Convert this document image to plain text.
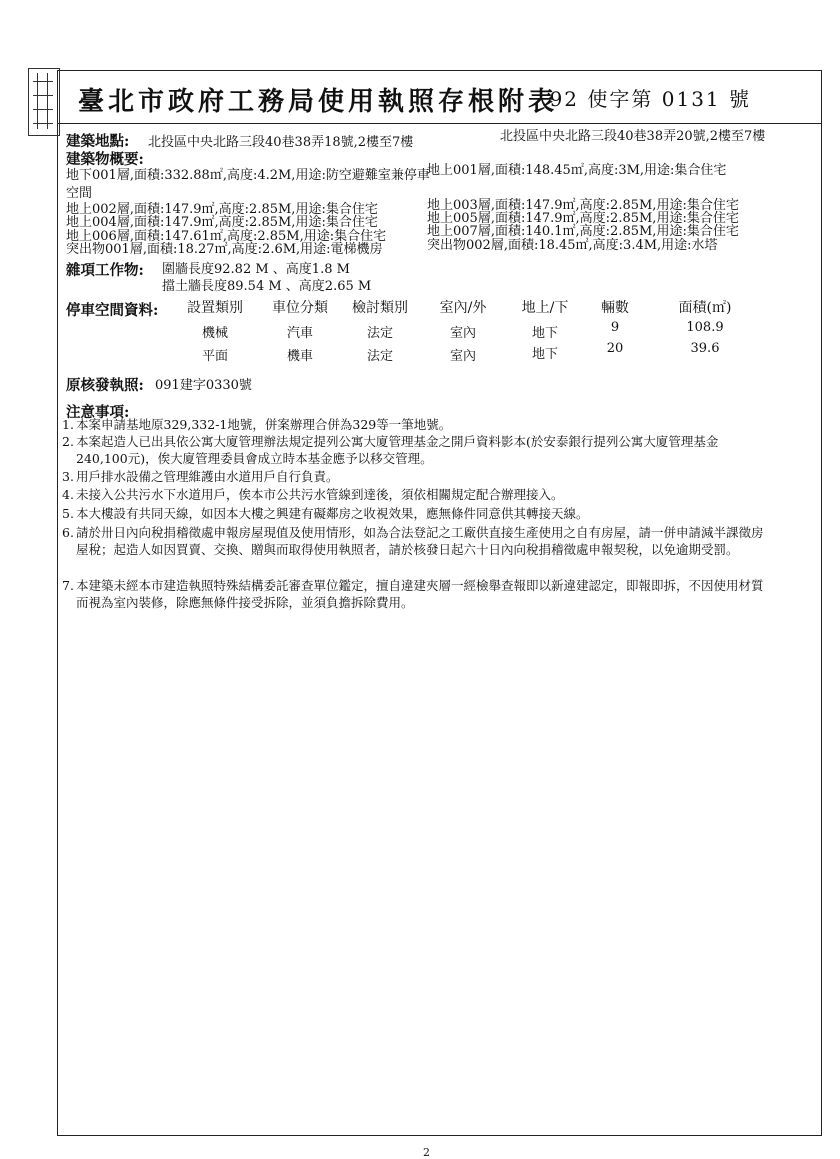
臺北市政府工務局使用執照存根附表
92 使字第 0131 號
建築地點: 北投區中央北路三段40巷38弄18號,2樓至7樓	北投區中央北路三段40巷38弄20號,2樓至7樓
建築物概要:
地下001層,面積:332.88㎡,高度:4.2M,用途:防空避難室兼停車
地上001層,面積:148.45㎡,高度:3M,用途:集合住宅
空間
地上002層,面積:147.9㎡,高度:2.85M,用途:集合住宅	地上003層,面積:147.9㎡,高度:2.85M,用途:集合住宅
地上004層,面積:147.9㎡,高度:2.85M,用途:集合住宅	地上005層,面積:147.9㎡,高度:2.85M,用途:集合住宅
地上006層,面積:147.61㎡,高度:2.85M,用途:集合住宅	地上007層,面積:140.1㎡,高度:2.85M,用途:集合住宅
突出物001層,面積:18.27㎡,高度:2.6M,用途:電梯機房	突出物002層,面積:18.45㎡,高度:3.4M,用途:水塔
雜項工作物: 圍牆長度92.82 M 、高度1.8 M
擋土牆長度89.54 M 、高度2.65 M
停車空間資料:	設置類別	車位分類	檢討類別	室內/外	地上/下	輛數	面積(㎡)
機械	汽車	法定	室內	地下	9	108.9
平面	機車	法定	室內	地下	20	39.6
原核發執照: 091建字0330號
注意事項:
1. 本案申請基地原329,332-1地號，併案辦理合併為329等一筆地號。
2. 本案起造人已出具依公寓大廈管理辦法規定提列公寓大廈管理基金之開戶資料影本(於安泰銀行提列公寓大廈管理基金240,100元)，俟大廈管理委員會成立時本基金應予以移交管理。
3. 用戶排水設備之管理維護由水道用戶自行負責。
4. 未接入公共污水下水道用戶，俟本市公共污水管線到達後，須依相關規定配合辦理接入。
5. 本大樓設有共同天線，如因本大樓之興建有礙鄰房之收視效果，應無條件同意供其轉接天線。
6. 請於卅日內向稅捐稽徵處申報房屋現值及使用情形，如為合法登記之工廠供直接生產使用之自有房屋，請一併申請減半課徵房屋稅；起造人如因買賣、交換、贈與而取得使用執照者，請於核發日起六十日內向稅捐稽徵處申報契稅，以免逾期受罰。
7. 本建築未經本市建造執照特殊結構委託審查單位鑑定，擅自違建夾層一經檢舉查報即以新違建認定，即報即拆，不因使用材質而視為室內裝修，除應無條件接受拆除，並須負擔拆除費用。
2
